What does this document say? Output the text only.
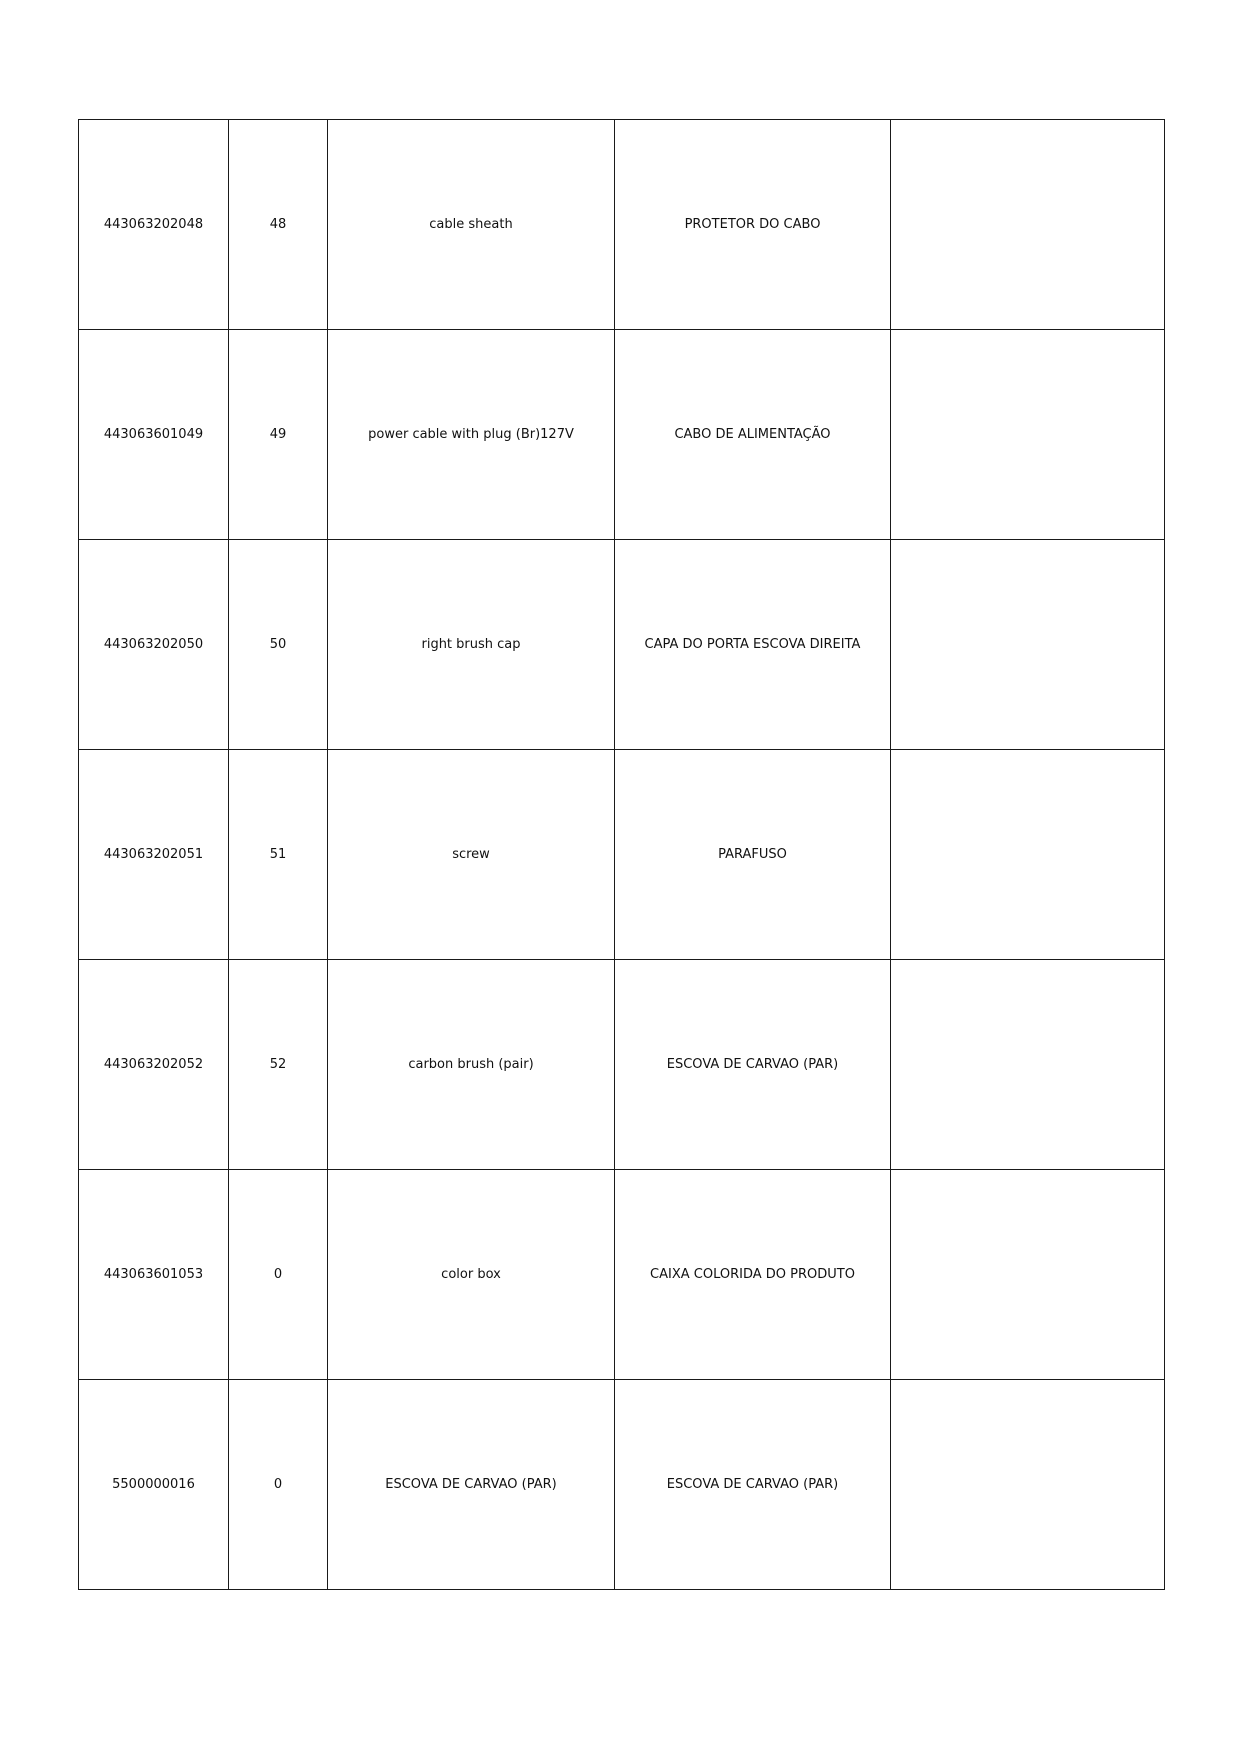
443063202048	48	cable sheath	PROTETOR DO CABO	
443063601049	49	power cable with plug (Br)127V	CABO DE ALIMENTAÇÃO	
443063202050	50	right brush cap	CAPA DO PORTA ESCOVA DIREITA	
443063202051	51	screw	PARAFUSO	
443063202052	52	carbon brush (pair)	ESCOVA DE CARVAO (PAR)	
443063601053	0	color box	CAIXA COLORIDA DO PRODUTO	
5500000016	0	ESCOVA DE CARVAO (PAR)	ESCOVA DE CARVAO (PAR)	
